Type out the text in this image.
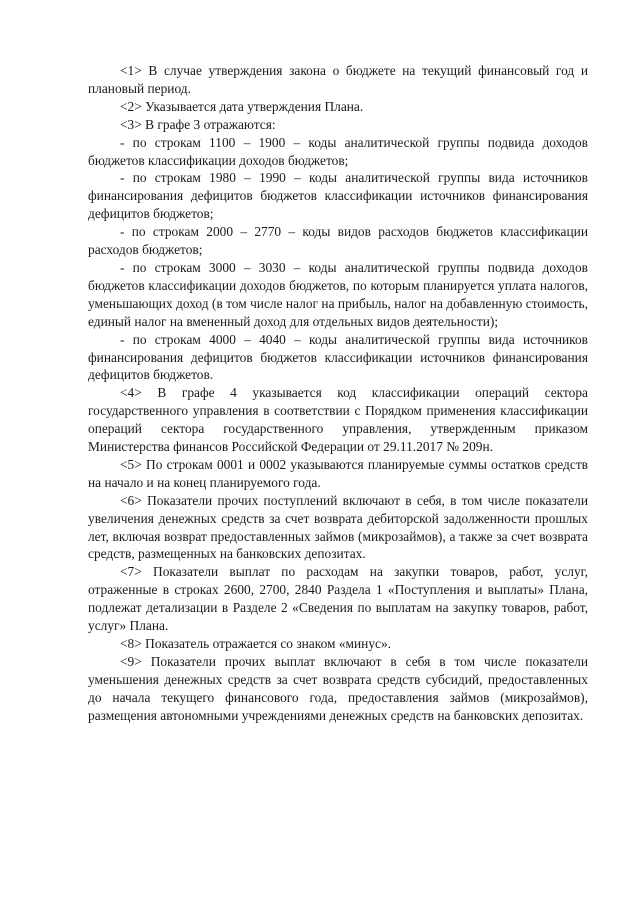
<1> В случае утверждения закона о бюджете на текущий финансовый год и плановый период.

<2> Указывается дата утверждения Плана.

<3> В графе 3 отражаются:

- по строкам 1100 – 1900 – коды аналитической группы подвида доходов бюджетов классификации доходов бюджетов;

- по строкам 1980 – 1990 – коды аналитической группы вида источников финансирования дефицитов бюджетов классификации источников финансирования дефицитов бюджетов;

- по строкам 2000 – 2770 – коды видов расходов бюджетов классификации расходов бюджетов;

- по строкам 3000 – 3030 – коды аналитической группы подвида доходов бюджетов классификации доходов бюджетов, по которым планируется уплата налогов, уменьшающих доход (в том числе налог на прибыль, налог на добавленную стоимость, единый налог на вмененный доход для отдельных видов деятельности);

- по строкам 4000 – 4040 – коды аналитической группы вида источников финансирования дефицитов бюджетов классификации источников финансирования дефицитов бюджетов.

<4> В графе 4 указывается код классификации операций сектора государственного управления в соответствии с Порядком применения классификации операций сектора государственного управления, утвержденным приказом Министерства финансов Российской Федерации от 29.11.2017 № 209н.

<5> По строкам 0001 и 0002 указываются планируемые суммы остатков средств на начало и на конец планируемого года.

<6> Показатели прочих поступлений включают в себя, в том числе показатели увеличения денежных средств за счет возврата дебиторской задолженности прошлых лет, включая возврат предоставленных займов (микрозаймов), а также за счет возврата средств, размещенных на банковских депозитах.

<7> Показатели выплат по расходам на закупки товаров, работ, услуг, отраженные в строках 2600, 2700, 2840 Раздела 1 «Поступления и выплаты» Плана, подлежат детализации в Разделе 2 «Сведения по выплатам на закупку товаров, работ, услуг» Плана.

<8> Показатель отражается со знаком «минус».

<9> Показатели прочих выплат включают в себя в том числе показатели уменьшения денежных средств за счет возврата средств субсидий, предоставленных до начала текущего финансового года, предоставления займов (микрозаймов), размещения автономными учреждениями денежных средств на банковских депозитах.
